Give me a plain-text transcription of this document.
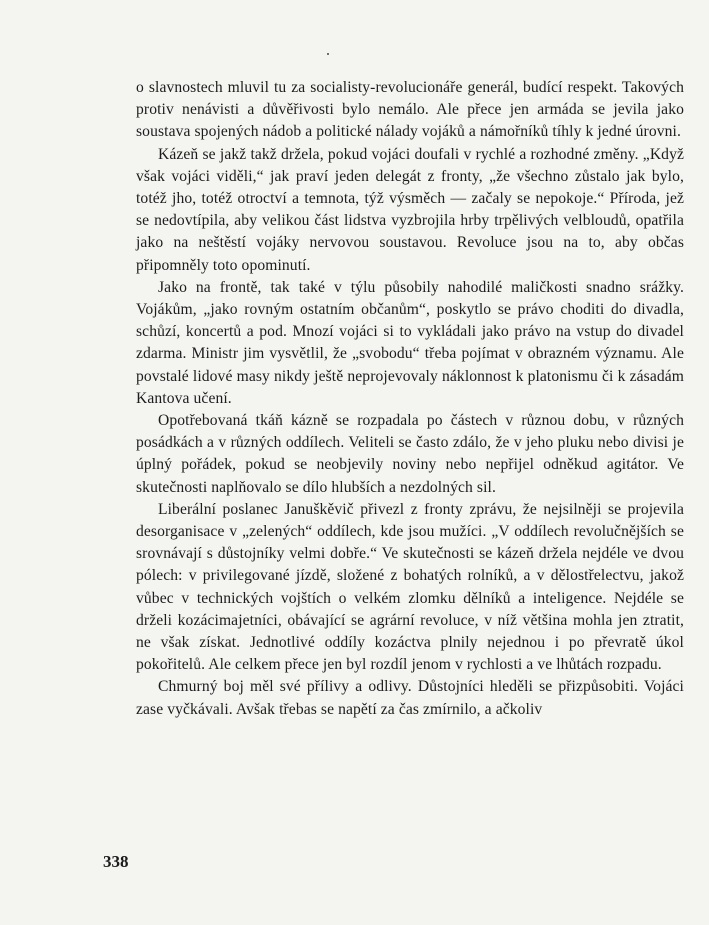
o slavnostech mluvil tu za socialisty-revolucionáře generál, budící respekt. Takových protiv nenávisti a důvěřivosti bylo nemálo. Ale přece jen armáda se jevila jako soustava spojených nádob a politické nálady vojáků a námořníků tíhly k jedné úrovni.

Kázeň se jakž takž držela, pokud vojáci doufali v rychlé a rozhodné změny. „Když však vojáci viděli,“ jak praví jeden delegát z fronty, „že všechno zůstalo jak bylo, totéž jho, totéž otroctví a temnota, týž výsměch — začaly se nepokoje.“ Příroda, jež se nedovtípila, aby velikou část lidstva vyzbrojila hrby trpělivých velbloudů, opatřila jako na neštěstí vojáky nervovou soustavou. Revoluce jsou na to, aby občas připomněly toto opominutí.

Jako na frontě, tak také v týlu působily nahodilé maličkosti snadno srážky. Vojákům, „jako rovným ostatním občanům“, poskytlo se právo choditi do divadla, schůzí, koncertů a pod. Mnozí vojáci si to vykládali jako právo na vstup do divadel zdarma. Ministr jim vysvětlil, že „svobodu“ třeba pojímat v obrazném významu. Ale povstalé lidové masy nikdy ještě neprojevovaly náklonnost k platonismu či k zásadám Kantova učení.

Opotřebovaná tkáň kázně se rozpadala po částech v různou dobu, v různých posádkách a v různých oddílech. Veliteli se často zdálo, že v jeho pluku nebo divisi je úplný pořádek, pokud se neobjevily noviny nebo nepřijel odněkud agitátor. Ve skutečnosti naplňovalo se dílo hlubších a nezdolných sil.

Liberální poslanec Januškěvič přivezl z fronty zprávu, že nejsilněji se projevila desorganisace v „zelených“ oddílech, kde jsou mužíci. „V oddílech revolučnějších se srovnávají s důstojníky velmi dobře.“ Ve skutečnosti se kázeň držela nejdéle ve dvou pólech: v privilegované jízdě, složené z bohatých rolníků, a v dělostřelectvu, jakož vůbec v technických vojštích o velkém zlomku dělníků a inteligence. Nejdéle se drželi kozácimajetníci, obávající se agrární revoluce, v níž většina mohla jen ztratit, ne však získat. Jednotlivé oddíly kozáctva plnily nejednou i po převratě úkol pokořitelů. Ale celkem přece jen byl rozdíl jenom v rychlosti a ve lhůtách rozpadu.

Chmurný boj měl své přílivy a odlivy. Důstojníci hleděli se přizpůsobiti. Vojáci zase vyčkávali. Avšak třebas se napětí za čas zmírnilo, a ačkoliv

338
